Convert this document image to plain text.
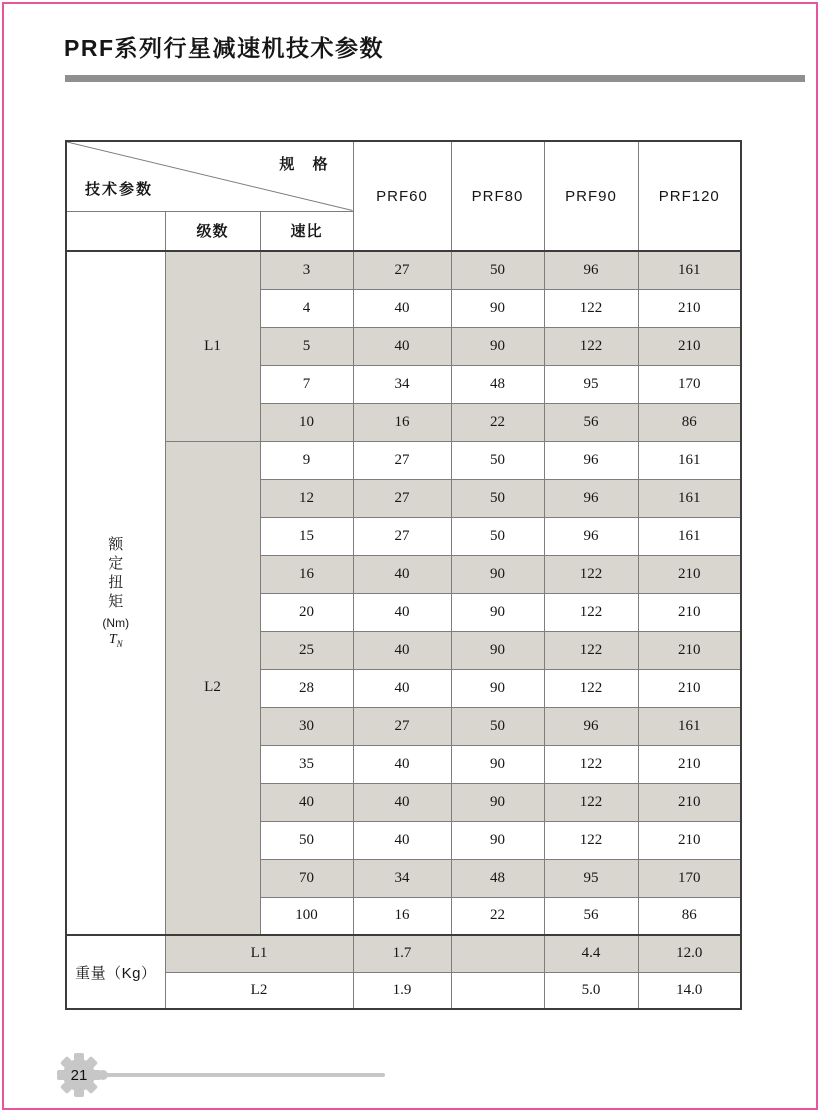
PRF系列行星减速机技术参数
规 格
技术参数			PRF60	PRF80	PRF90	PRF120
	级数	速比				

额
定
扭
矩
(Nm)
$T_N$
	L1	3	27	50	96	161
		4	40	90	122	210
		5	40	90	122	210
		7	34	48	95	170
		10	16	22	56	86
	L2	9	27	50	96	161
		12	27	50	96	161
		15	27	50	96	161
		16	40	90	122	210
		20	40	90	122	210
		25	40	90	122	210
		28	40	90	122	210
		30	27	50	96	161
		35	40	90	122	210
		40	40	90	122	210
		50	40	90	122	210
		70	34	48	95	170
		100	16	22	56	86
重量（Kg）	L1		1.7		4.4	12.0
	L2		1.9		5.0	14.0
21
